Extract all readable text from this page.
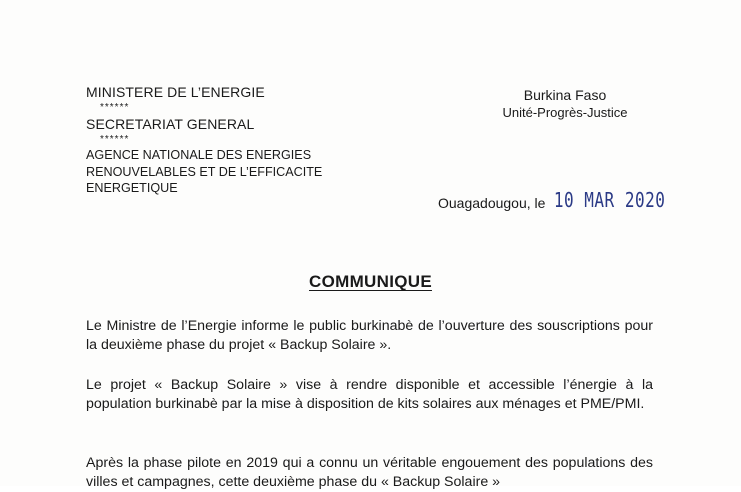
MINISTERE DE L’ENERGIE
******
SECRETARIAT GENERAL
******
AGENCE NATIONALE DES ENERGIES
RENOUVELABLES ET DE L’EFFICACITE
ENERGETIQUE
Burkina Faso
Unité-Progrès-Justice
Ouagadougou, le 10 MAR 2020
COMMUNIQUE
Le Ministre de l’Energie informe le public burkinabè de l’ouverture des souscriptions pour la deuxième phase du projet « Backup Solaire ».
Le projet « Backup Solaire » vise à rendre disponible et accessible l’énergie à la population burkinabè par la mise à disposition de kits solaires aux ménages et PME/PMI.
Après la phase pilote en 2019 qui a connu un véritable engouement des populations des villes et campagnes, cette deuxième phase du « Backup Solaire »
